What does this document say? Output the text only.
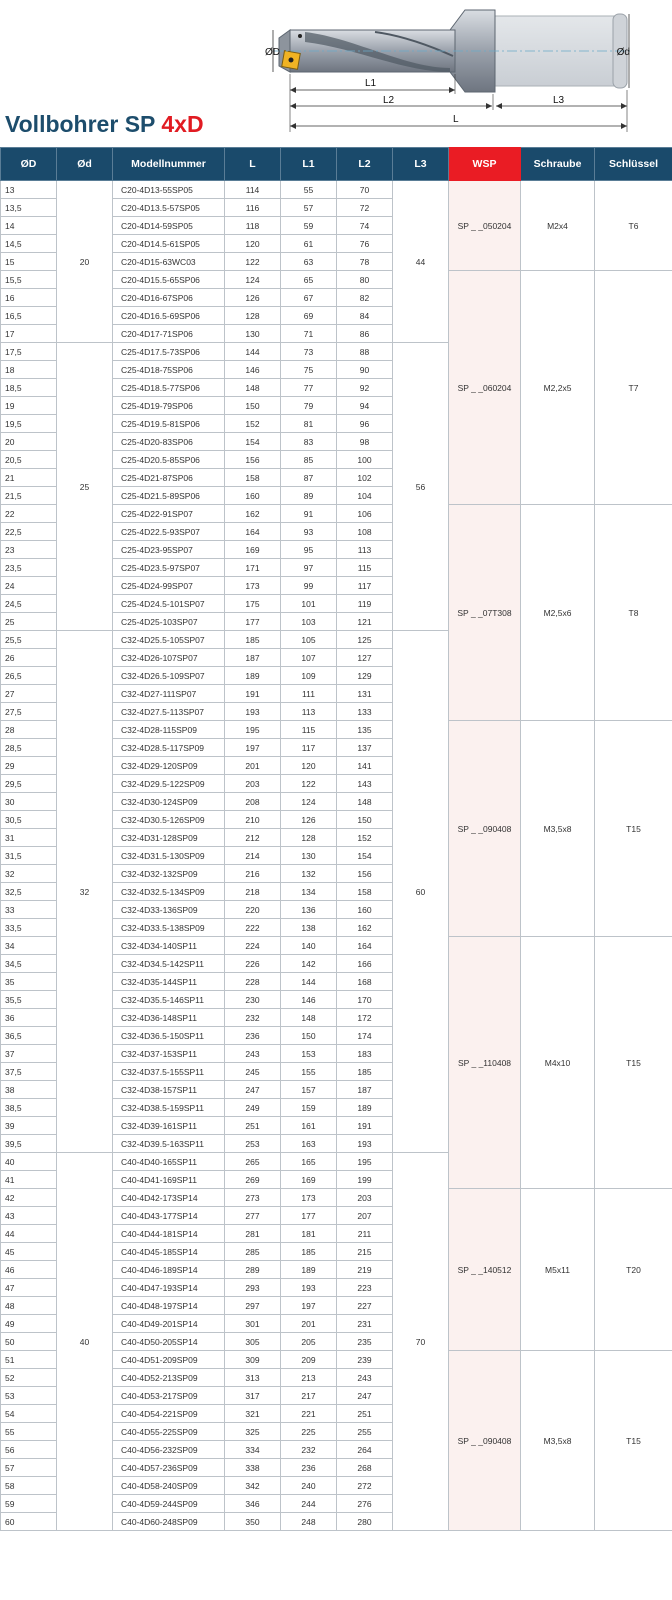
ØD	Ød
L1
L2	L3
L
Vollbohrer SP 4xD
ØD	Ød	Modellnummer	L	L1	L2	L3	WSP	Schraube	Schlüssel
13	20	C20-4D13-55SP05	114	55	70	44	SP _ _050204	M2x4	T6
13,5		C20-4D13.5-57SP05	116	57	72				
14		C20-4D14-59SP05	118	59	74				
14,5		C20-4D14.5-61SP05	120	61	76				
15		C20-4D15-63WC03	122	63	78				
15,5		C20-4D15.5-65SP06	124	65	80		SP _ _060204	M2,2x5	T7
16		C20-4D16-67SP06	126	67	82				
16,5		C20-4D16.5-69SP06	128	69	84				
17		C20-4D17-71SP06	130	71	86				
17,5	25	C25-4D17.5-73SP06	144	73	88	56			
18		C25-4D18-75SP06	146	75	90				
18,5		C25-4D18.5-77SP06	148	77	92				
19		C25-4D19-79SP06	150	79	94				
19,5		C25-4D19.5-81SP06	152	81	96				
20		C25-4D20-83SP06	154	83	98				
20,5		C25-4D20.5-85SP06	156	85	100				
21		C25-4D21-87SP06	158	87	102				
21,5		C25-4D21.5-89SP06	160	89	104				
22		C25-4D22-91SP07	162	91	106		SP _ _07T308	M2,5x6	T8
22,5		C25-4D22.5-93SP07	164	93	108				
23		C25-4D23-95SP07	169	95	113				
23,5		C25-4D23.5-97SP07	171	97	115				
24		C25-4D24-99SP07	173	99	117				
24,5		C25-4D24.5-101SP07	175	101	119				
25		C25-4D25-103SP07	177	103	121				
25,5	32	C32-4D25.5-105SP07	185	105	125	60			
26		C32-4D26-107SP07	187	107	127				
26,5		C32-4D26.5-109SP07	189	109	129				
27		C32-4D27-111SP07	191	111	131				
27,5		C32-4D27.5-113SP07	193	113	133				
28		C32-4D28-115SP09	195	115	135		SP _ _090408	M3,5x8	T15
28,5		C32-4D28.5-117SP09	197	117	137				
29		C32-4D29-120SP09	201	120	141				
29,5		C32-4D29.5-122SP09	203	122	143				
30		C32-4D30-124SP09	208	124	148				
30,5		C32-4D30.5-126SP09	210	126	150				
31		C32-4D31-128SP09	212	128	152				
31,5		C32-4D31.5-130SP09	214	130	154				
32		C32-4D32-132SP09	216	132	156				
32,5		C32-4D32.5-134SP09	218	134	158				
33		C32-4D33-136SP09	220	136	160				
33,5		C32-4D33.5-138SP09	222	138	162				
34		C32-4D34-140SP11	224	140	164		SP _ _110408	M4x10	T15
34,5		C32-4D34.5-142SP11	226	142	166				
35		C32-4D35-144SP11	228	144	168				
35,5		C32-4D35.5-146SP11	230	146	170				
36		C32-4D36-148SP11	232	148	172				
36,5		C32-4D36.5-150SP11	236	150	174				
37		C32-4D37-153SP11	243	153	183				
37,5		C32-4D37.5-155SP11	245	155	185				
38		C32-4D38-157SP11	247	157	187				
38,5		C32-4D38.5-159SP11	249	159	189				
39		C32-4D39-161SP11	251	161	191				
39,5		C32-4D39.5-163SP11	253	163	193				
40	40	C40-4D40-165SP11	265	165	195	70			
41		C40-4D41-169SP11	269	169	199				
42		C40-4D42-173SP14	273	173	203		SP _ _140512	M5x11	T20
43		C40-4D43-177SP14	277	177	207				
44		C40-4D44-181SP14	281	181	211				
45		C40-4D45-185SP14	285	185	215				
46		C40-4D46-189SP14	289	189	219				
47		C40-4D47-193SP14	293	193	223				
48		C40-4D48-197SP14	297	197	227				
49		C40-4D49-201SP14	301	201	231				
50		C40-4D50-205SP14	305	205	235				
51		C40-4D51-209SP09	309	209	239		SP _ _090408	M3,5x8	T15
52		C40-4D52-213SP09	313	213	243				
53		C40-4D53-217SP09	317	217	247				
54		C40-4D54-221SP09	321	221	251				
55		C40-4D55-225SP09	325	225	255				
56		C40-4D56-232SP09	334	232	264				
57		C40-4D57-236SP09	338	236	268				
58		C40-4D58-240SP09	342	240	272				
59		C40-4D59-244SP09	346	244	276				
60		C40-4D60-248SP09	350	248	280				
